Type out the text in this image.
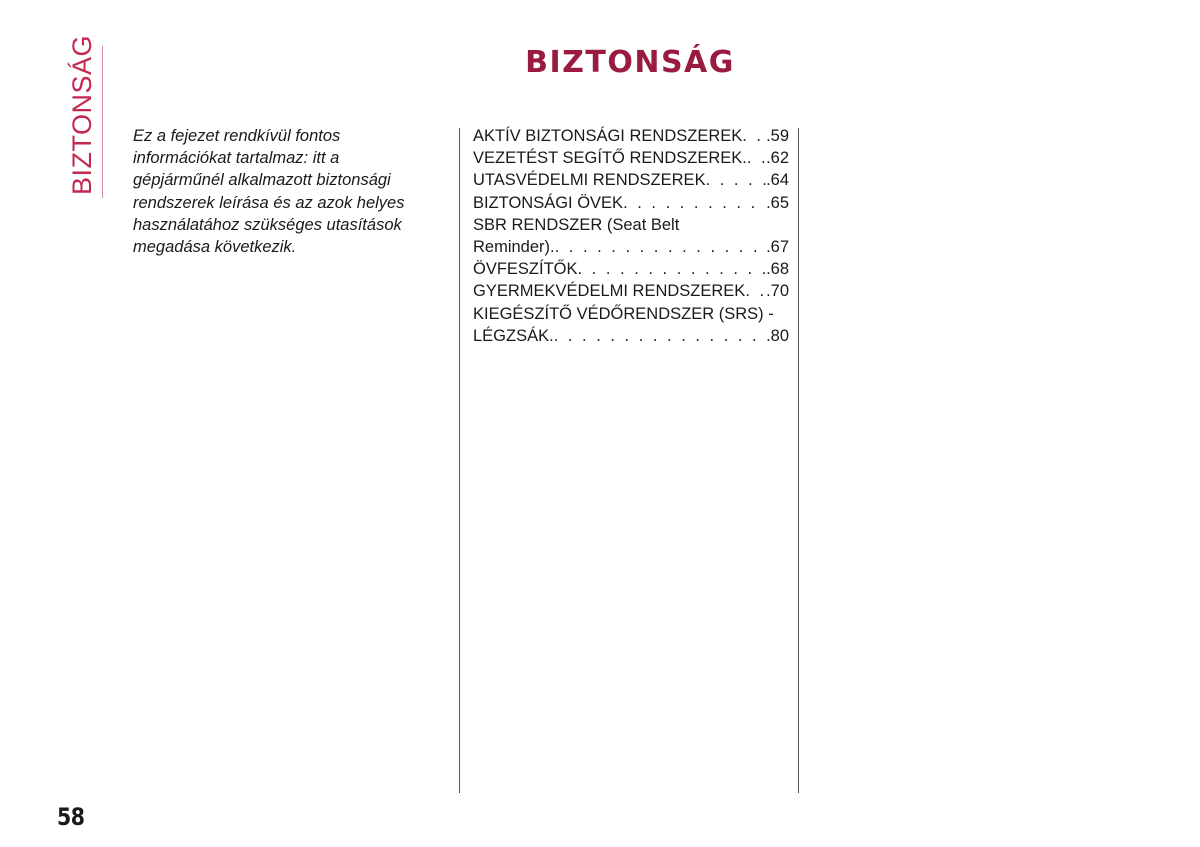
BIZTONSÁG	BIZTONSÁG
Ez a fejezet rendkívül fontos információkat tartalmaz: itt a gépjárműnél alkalmazott biztonsági rendszerek leírása és az azok helyes használatához szükséges utasítások megadása következik.
AKTÍV BIZTONSÁGI RENDSZEREK . . . .59
VEZETÉST SEGÍTŐ RENDSZEREK. . . . .62
UTASVÉDELMI RENDSZEREK . . .	.64
BIZTONSÁGI ÖVEK . . .	.65
SBR RENDSZER (Seat Belt
Reminder). . . .	.67
ÖVFESZÍTŐK . . .	.68
GYERMEKVÉDELMI RENDSZEREK . . . .70
KIEGÉSZÍTŐ VÉDŐRENDSZER (SRS) -
LÉGZSÁK. . . .	.80
58
